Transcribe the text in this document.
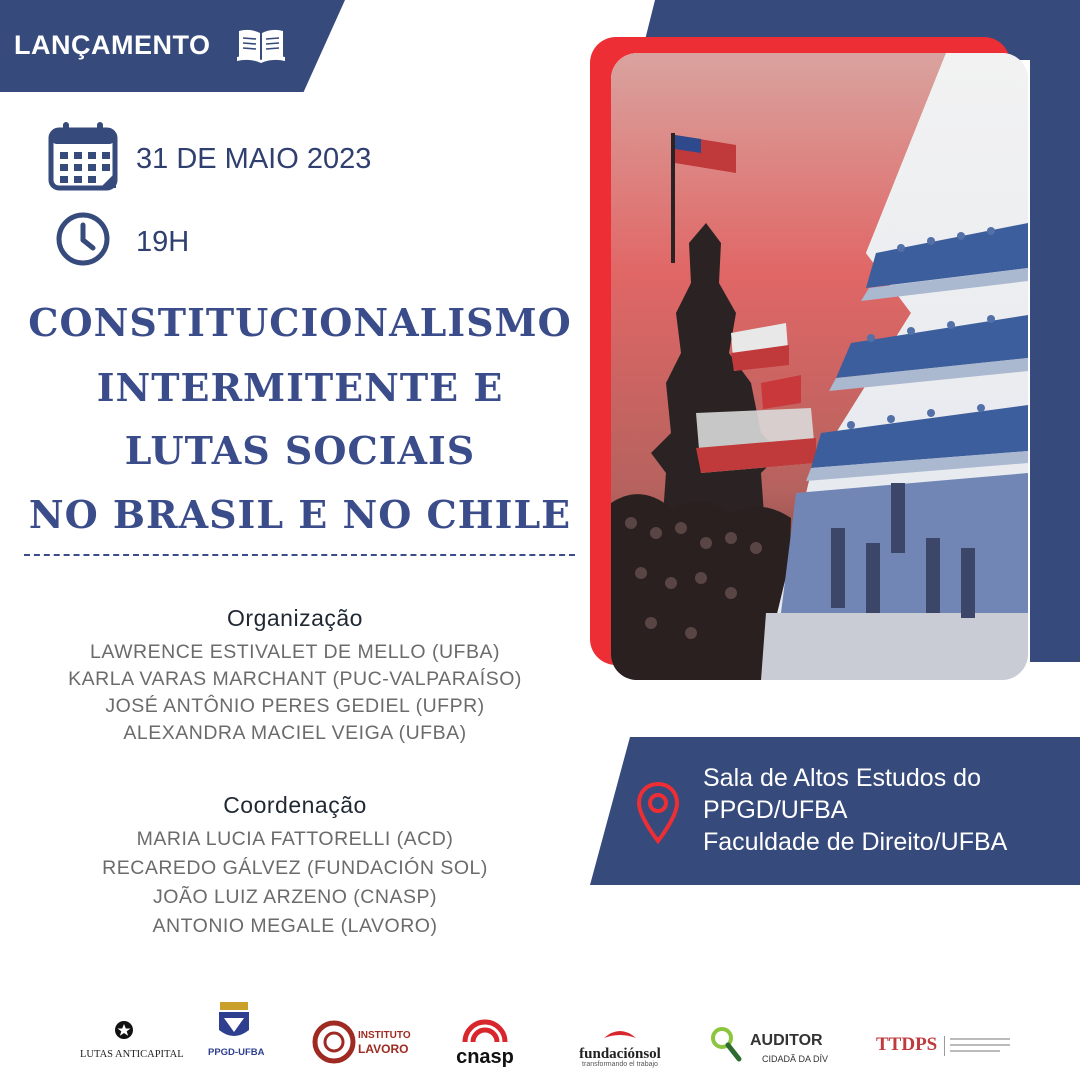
LANÇAMENTO
31 DE MAIO 2023
19H
CONSTITUCIONALISMO
INTERMITENTE E
LUTAS SOCIAIS
NO BRASIL E NO CHILE
Organização
LAWRENCE ESTIVALET DE MELLO (UFBA)
KARLA VARAS MARCHANT (PUC-VALPARAÍSO)
JOSÉ ANTÔNIO PERES GEDIEL (UFPR)
ALEXANDRA MACIEL VEIGA (UFBA)
Coordenação
MARIA LUCIA FATTORELLI (ACD)
RECAREDO GÁLVEZ (FUNDACIÓN SOL)
JOÃO LUIZ ARZENO (CNASP)
ANTONIO MEGALE (LAVORO)
Sala de Altos Estudos do
PPGD/UFBA
Faculdade de Direito/UFBA
LUTAS ANTICAPITAL	PPGD-UFBA
INSTITUTO
LAVORO	cnasp	fundaciónsol
transformando el trabajo
AUDITOR
CIDADÃ DA DÍV
TTDPS
